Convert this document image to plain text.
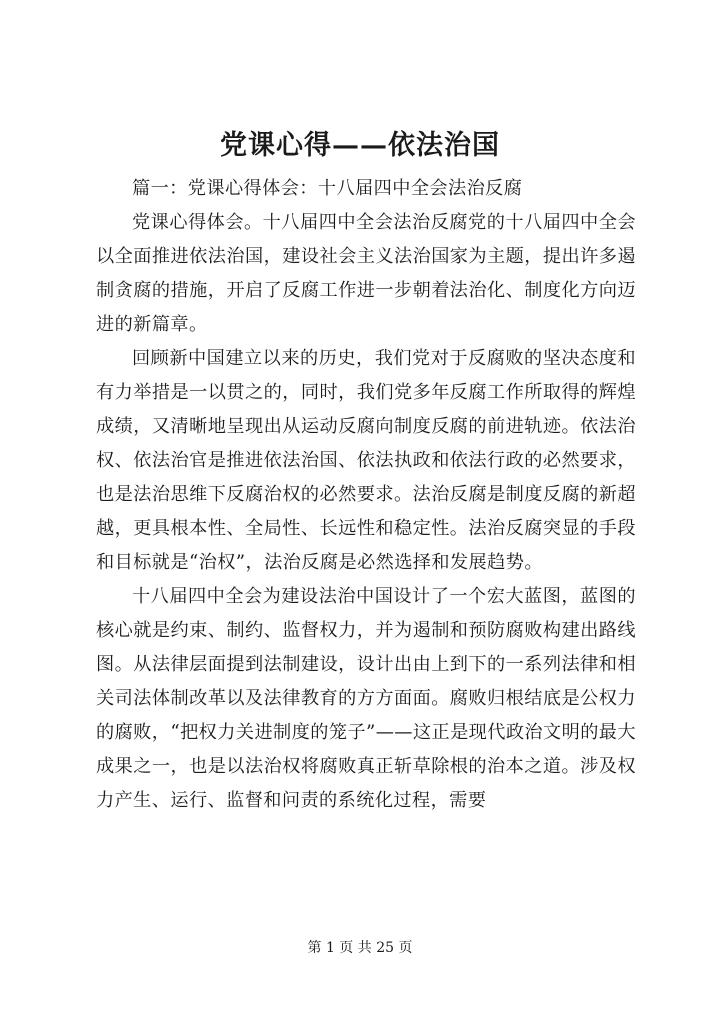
党课心得——依法治国

篇一：党课心得体会：十八届四中全会法治反腐

党课心得体会。十八届四中全会法治反腐党的十八届四中全会以全面推进依法治国，建设社会主义法治国家为主题，提出许多遏制贪腐的措施，开启了反腐工作进一步朝着法治化、制度化方向迈进的新篇章。

回顾新中国建立以来的历史，我们党对于反腐败的坚决态度和有力举措是一以贯之的，同时，我们党多年反腐工作所取得的辉煌成绩，又清晰地呈现出从运动反腐向制度反腐的前进轨迹。依法治权、依法治官是推进依法治国、依法执政和依法行政的必然要求，也是法治思维下反腐治权的必然要求。法治反腐是制度反腐的新超越，更具根本性、全局性、长远性和稳定性。法治反腐突显的手段和目标就是“治权”，法治反腐是必然选择和发展趋势。

十八届四中全会为建设法治中国设计了一个宏大蓝图，蓝图的核心就是约束、制约、监督权力，并为遏制和预防腐败构建出路线图。从法律层面提到法制建设，设计出由上到下的一系列法律和相关司法体制改革以及法律教育的方方面面。腐败归根结底是公权力的腐败，“把权力关进制度的笼子”——这正是现代政治文明的最大成果之一，也是以法治权将腐败真正斩草除根的治本之道。涉及权力产生、运行、监督和问责的系统化过程，需要

第 1 页 共 25 页
